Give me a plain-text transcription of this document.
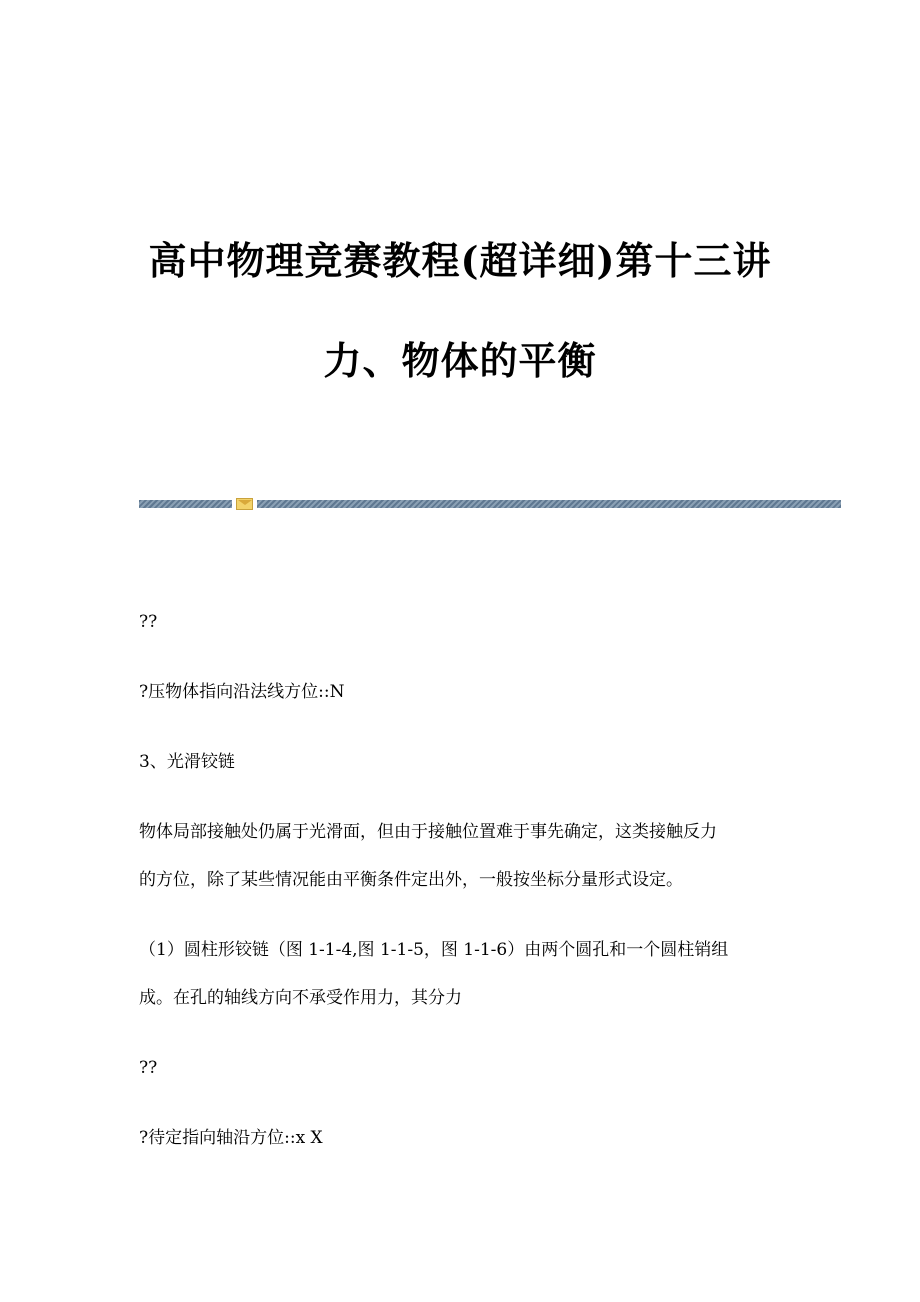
高中物理竞赛教程(超详细)第十三讲
力、物体的平衡
??
?压物体指向沿法线方位::N
3、光滑铰链
物体局部接触处仍属于光滑面，但由于接触位置难于事先确定，这类接触反力
的方位，除了某些情况能由平衡条件定出外，一般按坐标分量形式设定。
（1）圆柱形铰链（图 1-1-4,图 1-1-5，图 1-1-6）由两个圆孔和一个圆柱销组
成。在孔的轴线方向不承受作用力，其分力
??
?待定指向轴沿方位::x X
